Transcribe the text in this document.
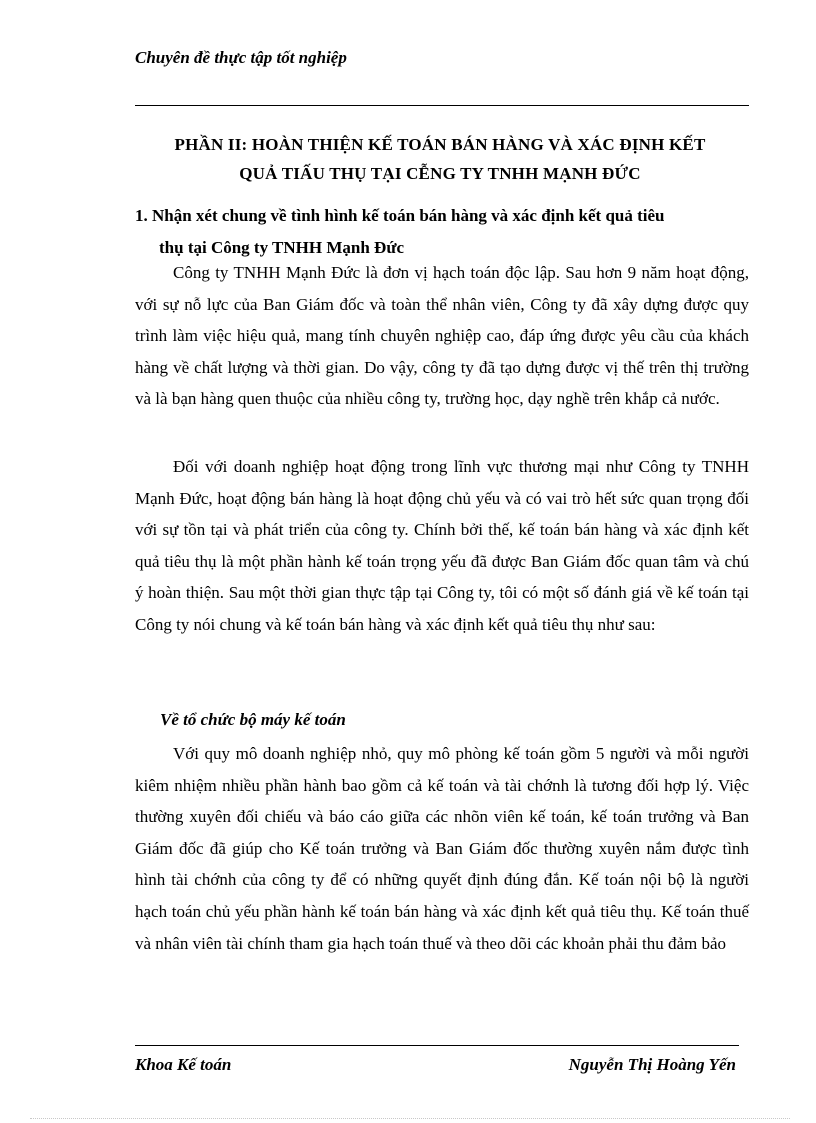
Chuyên đề thực tập tốt nghiệp
PHẦN II: HOÀN THIỆN KẾ TOÁN BÁN HÀNG VÀ XÁC ĐỊNH KẾT
QUẢ TIẤU THỤ TẠI CỄNG TY TNHH MẠNH ĐỨC
1. Nhận xét chung về tình hình kế toán bán hàng và xác định kết quả tiêu
thụ tại Công ty TNHH Mạnh Đức

Công ty TNHH Mạnh Đức là đơn vị hạch toán độc lập. Sau hơn 9 năm hoạt động, với sự nỗ lực của Ban Giám đốc và toàn thể nhân viên, Công ty đã xây dựng được quy trình làm việc hiệu quả, mang tính chuyên nghiệp cao, đáp ứng được yêu cầu của khách hàng về chất lượng và thời gian. Do vậy, công ty đã tạo dựng được vị thế trên thị trường và là bạn hàng quen thuộc của nhiều công ty, trường học, dạy nghề trên khắp cả nước.

Đối với doanh nghiệp hoạt động trong lĩnh vực thương mại như Công ty TNHH Mạnh Đức, hoạt động bán hàng là hoạt động chủ yếu và có vai trò hết sức quan trọng đối với sự tồn tại và phát triển của công ty. Chính bởi thế, kế toán bán hàng và xác định kết quả tiêu thụ là một phần hành kế toán trọng yếu đã được Ban Giám đốc quan tâm và chú ý hoàn thiện. Sau một thời gian thực tập tại Công ty, tôi có một số đánh giá về kế toán tại Công ty nói chung và kế toán bán hàng và xác định kết quả tiêu thụ như sau:

Về tổ chức bộ máy kế toán

Với quy mô doanh nghiệp nhỏ, quy mô phòng kế toán gồm 5 người và mỗi người kiêm nhiệm nhiều phần hành bao gồm cả kế toán và tài chớnh là tương đối hợp lý. Việc thường xuyên đối chiếu và báo cáo giữa các nhõn viên kế toán, kế toán trưởng và Ban Giám đốc đã giúp cho Kế toán trưởng và Ban Giám đốc thường xuyên nắm được tình hình tài chớnh của công ty để có những quyết định đúng đắn. Kế toán nội bộ là người hạch toán chủ yếu phần hành kế toán bán hàng và xác định kết quả tiêu thụ. Kế toán thuế và nhân viên tài chính tham gia hạch toán thuế và theo dõi các khoản phải thu đảm bảo

Khoa Kế toán	Nguyễn Thị Hoàng Yến
